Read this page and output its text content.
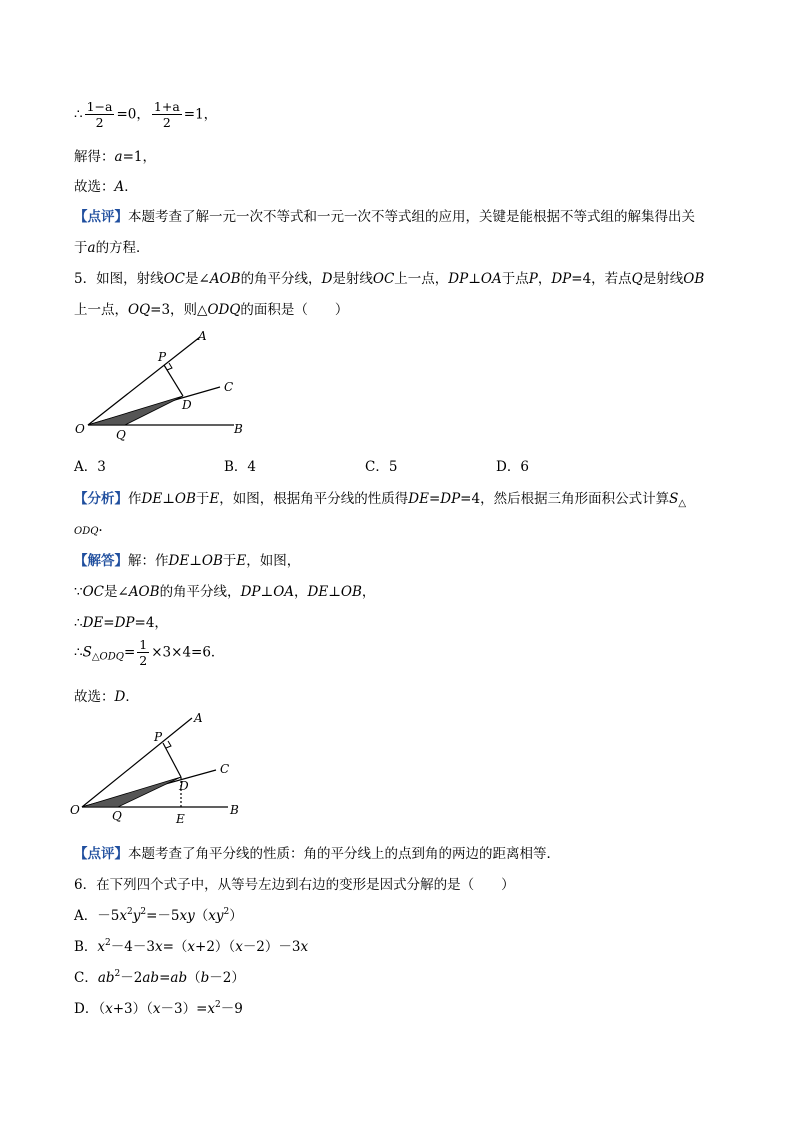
∴ $\frac{1-a}{2} =0$， $\frac{1+a}{2} =1$，
解得：a=1，
故选：A．
【点评】本题考查了解一元一次不等式和一元一次不等式组的应用，关键是能根据不等式组的解集得出关
于a的方程．
5．如图，射线OC是∠AOB的角平分线，D是射线OC上一点，DP⊥OA于点P，DP=4，若点Q是射线OB
上一点，OQ=3，则△ODQ的面积是（　　）
A
P
C
D
O	Q	B
A．3	B．4	C．5	D．6
【分析】作DE⊥OB于E，如图，根据角平分线的性质得DE=DP=4，然后根据三角形面积公式计算$S_\triangle$
$_{ODQ}$.
【解答】解：作DE⊥OB于E，如图，
∵OC是∠AOB的角平分线，DP⊥OA，DE⊥OB，
∴DE=DP=4，
$\therefore S_{\triangle ODQ}= \frac{1}{2} \times 3\times 4=6$．
故选：D．
A
P
C
D
O	Q	B
E
【点评】本题考查了角平分线的性质：角的平分线上的点到角的两边的距离相等．
6．在下列四个式子中，从等号左边到右边的变形是因式分解的是（　　）
A．$-5x^2y^2=-5xy(xy^2)$
B．$x^2-4-3x=(x+2)(x-2)-3x$
C．$ab^2-2ab=ab(b-2)$
D．$(x+3)(x-3)=x^2-9$
